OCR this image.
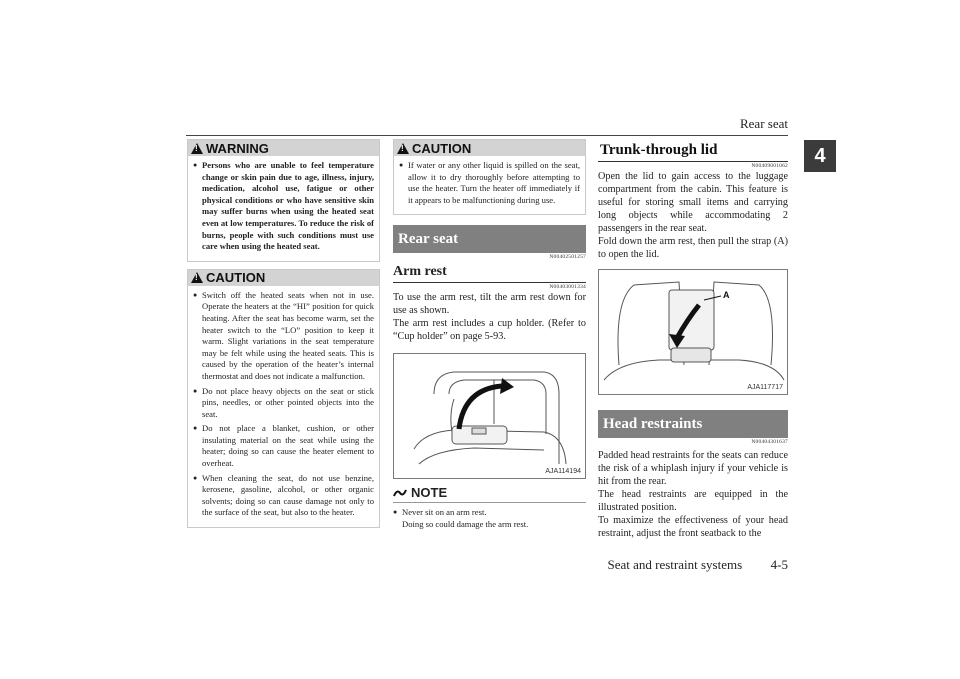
Rear seat
4
!
WARNING
● Persons who are unable to feel temperature change or skin pain due to age, illness, injury, medication, alcohol use, fatigue or other physical conditions or who have sensitive skin may suffer burns when using the heated seat even at low temperatures. To reduce the risk of burns, people with such conditions must use care when using the heated seat.
!
CAUTION
● Switch off the heated seats when not in use. Operate the heaters at the “HI” position for quick heating. After the seat has become warm, set the heater switch to the “LO” position to keep it warm. Slight variations in the seat temperature may be felt while using the heated seats. This is caused by the operation of the heater’s internal thermostat and does not indicate a malfunction.
● Do not place heavy objects on the seat or stick pins, needles, or other pointed objects into the seat.
● Do not place a blanket, cushion, or other insulating material on the seat while using the heater; doing so can cause the heater element to overheat.
● When cleaning the seat, do not use benzine, kerosene, gasoline, alcohol, or other organic solvents; doing so can cause damage not only to the surface of the seat, but also to the heater.
!
CAUTION
● If water or any other liquid is spilled on the seat, allow it to dry thoroughly before attempting to use the heater. Turn the heater off immediately if it appears to be malfunctioning during use.
Rear seat
N00402501257
Arm rest
N00403001334

To use the arm rest, tilt the arm rest down for use as shown.

The arm rest includes a cup holder. (Refer to “Cup holder” on page 5-93.

AJA114194
NOTE
● Never sit on an arm rest.
Doing so could damage the arm rest.
Trunk-through lid
N00409001062

Open the lid to gain access to the luggage compartment from the cabin. This feature is useful for storing small items and carrying long objects while accommodating 2 passengers in the rear seat.

Fold down the arm rest, then pull the strap (A) to open the lid.

A
AJA117717
Head restraints
N00404301637

Padded head restraints for the seats can reduce the risk of a whiplash injury if your vehicle is hit from the rear.

The head restraints are equipped in the illustrated position.

To maximize the effectiveness of your head restraint, adjust the front seatback to the

Seat and restraint systems 4-5
